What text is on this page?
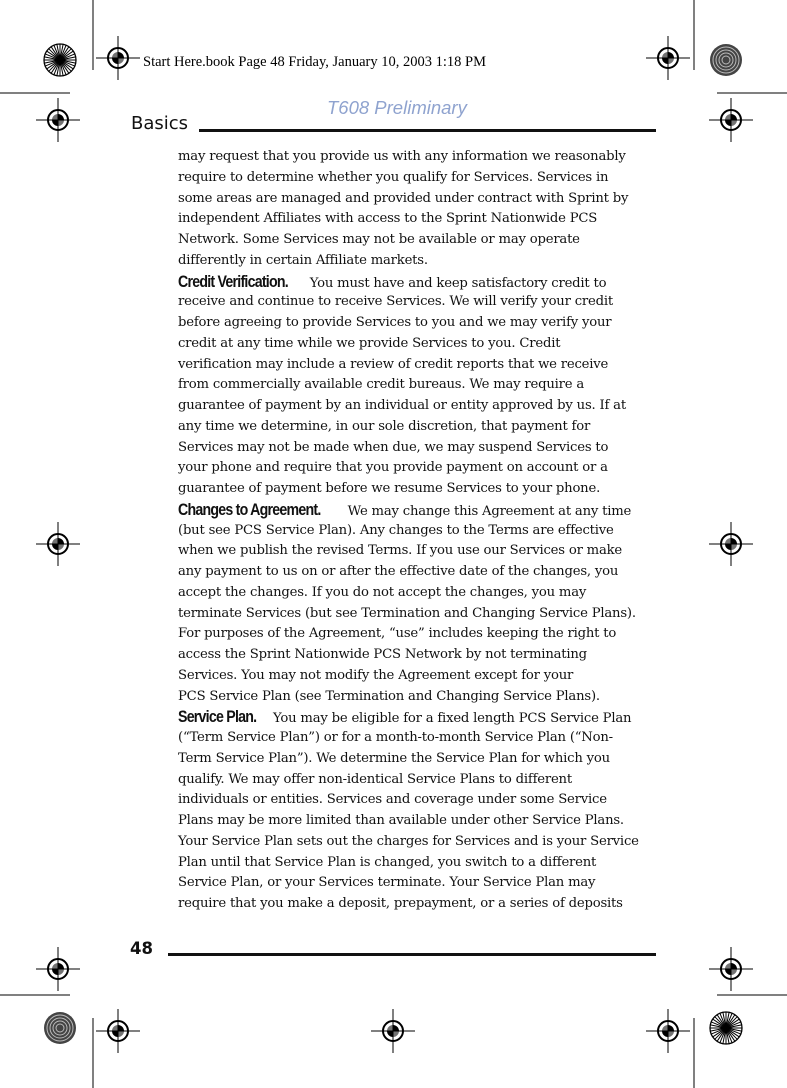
Start Here.book Page 48 Friday, January 10, 2003 1:18 PM
T608 Preliminary
Basics
may request that you provide us with any information we reasonably
require to determine whether you qualify for Services. Services in
some areas are managed and provided under contract with Sprint by
independent Affiliates with access to the Sprint Nationwide PCS
Network. Some Services may not be available or may operate
differently in certain Affiliate markets.
Credit Verification. You must have and keep satisfactory credit to
receive and continue to receive Services. We will verify your credit
before agreeing to provide Services to you and we may verify your
credit at any time while we provide Services to you. Credit
verification may include a review of credit reports that we receive
from commercially available credit bureaus. We may require a
guarantee of payment by an individual or entity approved by us. If at
any time we determine, in our sole discretion, that payment for
Services may not be made when due, we may suspend Services to
your phone and require that you provide payment on account or a
guarantee of payment before we resume Services to your phone.
Changes to Agreement. We may change this Agreement at any time
(but see PCS Service Plan). Any changes to the Terms are effective
when we publish the revised Terms. If you use our Services or make
any payment to us on or after the effective date of the changes, you
accept the changes. If you do not accept the changes, you may
terminate Services (but see Termination and Changing Service Plans).
For purposes of the Agreement, “use” includes keeping the right to
access the Sprint Nationwide PCS Network by not terminating
Services. You may not modify the Agreement except for your
PCS Service Plan (see Termination and Changing Service Plans).
Service Plan. You may be eligible for a fixed length PCS Service Plan
(“Term Service Plan”) or for a month-to-month Service Plan (“Non-
Term Service Plan”). We determine the Service Plan for which you
qualify. We may offer non-identical Service Plans to different
individuals or entities. Services and coverage under some Service
Plans may be more limited than available under other Service Plans.
Your Service Plan sets out the charges for Services and is your Service
Plan until that Service Plan is changed, you switch to a different
Service Plan, or your Services terminate. Your Service Plan may
require that you make a deposit, prepayment, or a series of deposits
48
